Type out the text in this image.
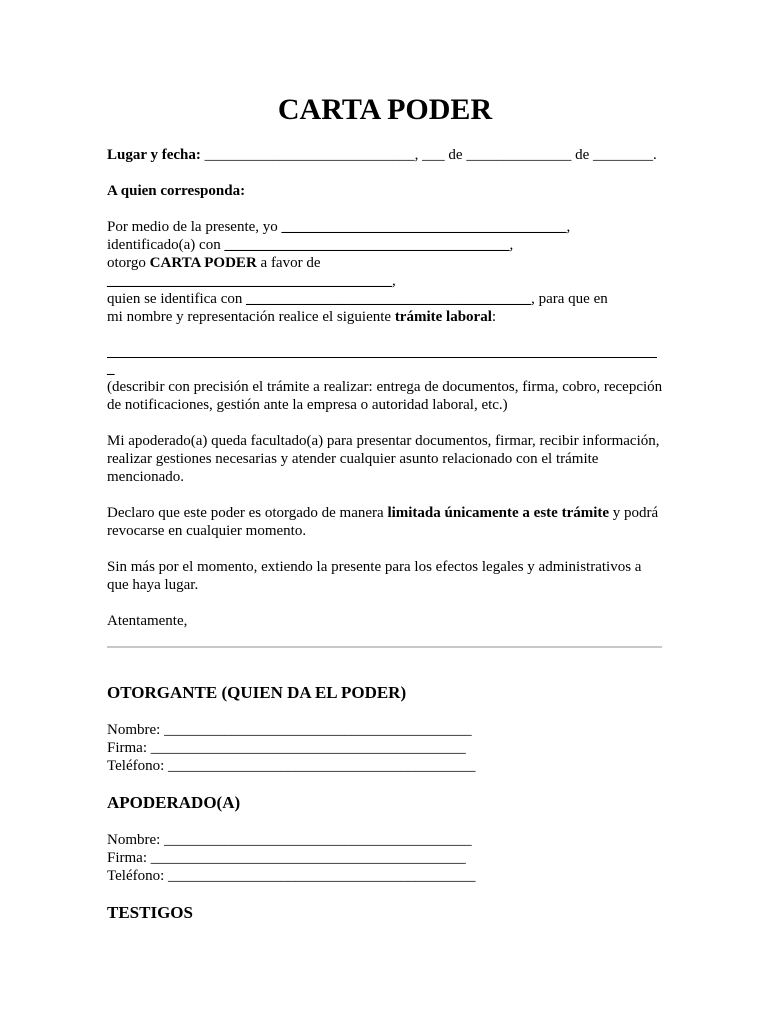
CARTA PODER
Lugar y fecha: ____________________________, ___ de ______________ de ________.
A quien corresponda:
Por medio de la presente, yo ______________________________________,
identificado(a) con ______________________________________,
otorgo CARTA PODER a favor de
______________________________________,
quien se identifica con ______________________________________, para que en
mi nombre y representación realice el siguiente trámite laboral:
_
(describir con precisión el trámite a realizar: entrega de documentos, firma, cobro, recepción de notificaciones, gestión ante la empresa o autoridad laboral, etc.)
Mi apoderado(a) queda facultado(a) para presentar documentos, firmar, recibir información, realizar gestiones necesarias y atender cualquier asunto relacionado con el trámite mencionado.
Declaro que este poder es otorgado de manera limitada únicamente a este trámite y podrá revocarse en cualquier momento.
Sin más por el momento, extiendo la presente para los efectos legales y administrativos a que haya lugar.
Atentamente,
OTORGANTE (QUIEN DA EL PODER)
Nombre: _________________________________________
Firma: __________________________________________
Teléfono: _________________________________________
APODERADO(A)
Nombre: _________________________________________
Firma: __________________________________________
Teléfono: _________________________________________
TESTIGOS
